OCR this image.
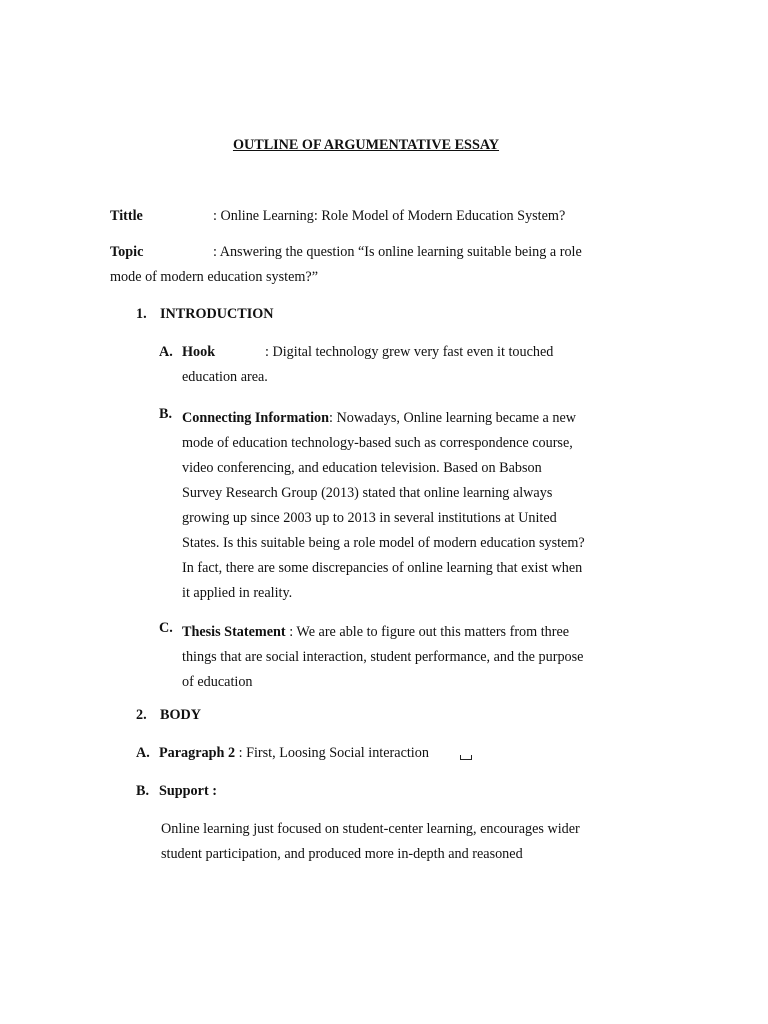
OUTLINE OF ARGUMENTATIVE ESSAY
Tittle	: Online Learning: Role Model of Modern Education System?
Topic	: Answering the question “Is online learning suitable being a role
mode of modern education system?”
1. INTRODUCTION
A. Hook	: Digital technology grew very fast even it touched
education area.
B. Connecting Information: Nowadays, Online learning became a new
mode of education technology-based such as correspondence course,
video conferencing, and education television. Based on Babson
Survey Research Group (2013) stated that online learning always
growing up since 2003 up to 2013 in several institutions at United
States. Is this suitable being a role model of modern education system?
In fact, there are some discrepancies of online learning that exist when
it applied in reality.
C. Thesis Statement : We are able to figure out this matters from three
things that are social interaction, student performance, and the purpose
of education
2. BODY
A. Paragraph 2 : First, Loosing Social interaction
B. Support :
Online learning just focused on student-center learning, encourages wider
student participation, and produced more in-depth and reasoned
